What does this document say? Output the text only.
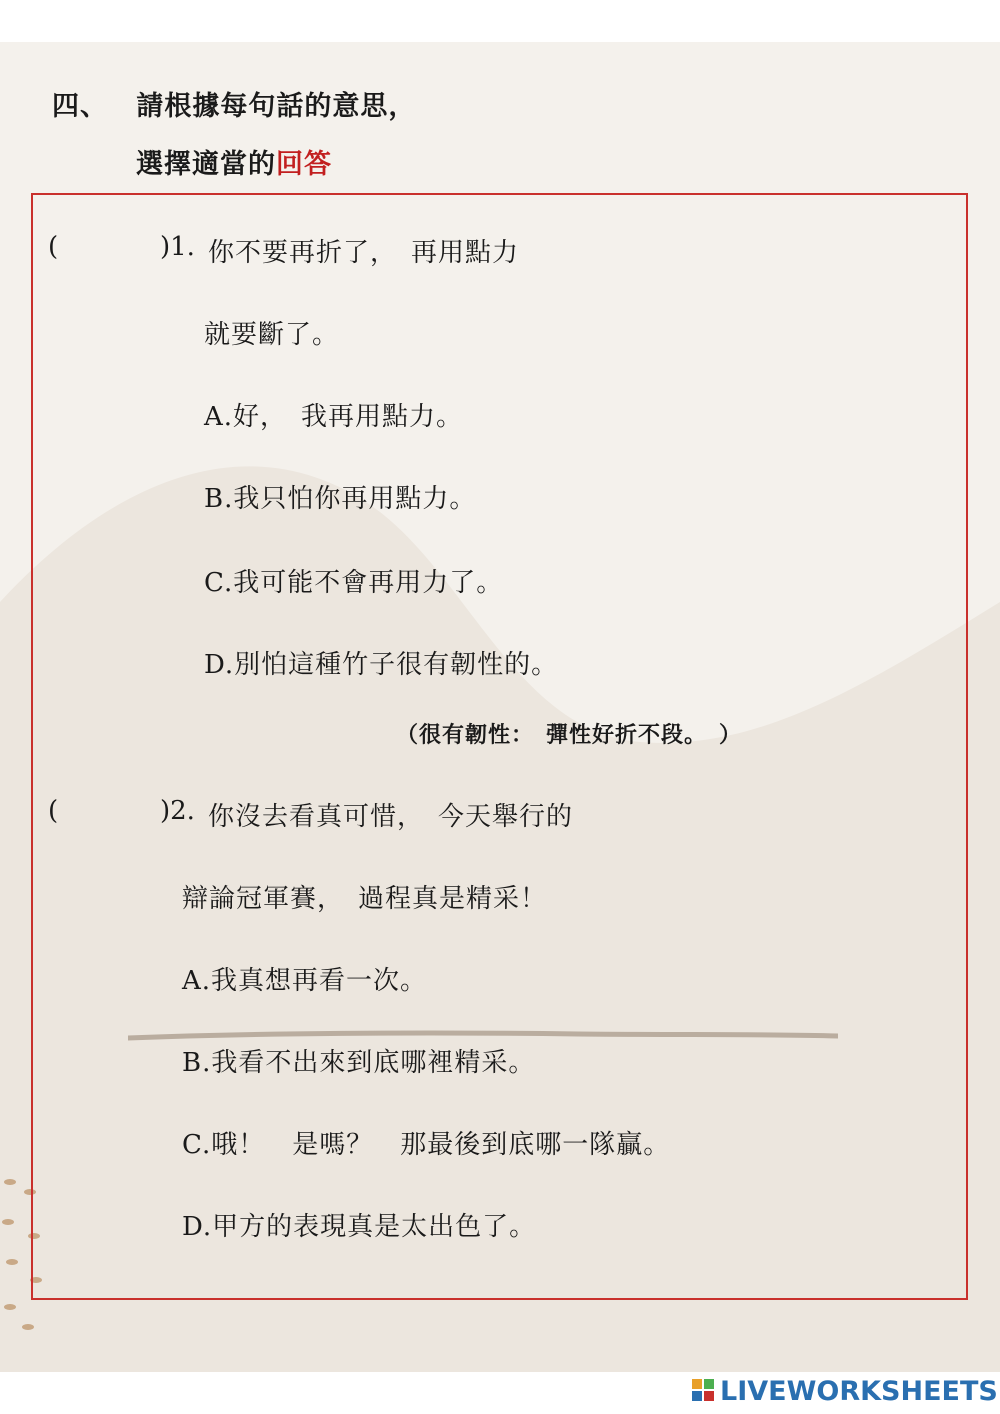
四、 請根據每句話的意思，
選擇適當的回答
(	)1. 你不要再折了，　再用點力
就要斷了。
A.好，　我再用點力。
B.我只怕你再用點力。
C.我可能不會再用力了。
D.別怕這種竹子很有韌性的。
（很有韌性：　彈性好折不段。　）
(	)2. 你沒去看真可惜，　今天舉行的
辯論冠軍賽，　過程真是精采！
A.我真想再看一次。
B.我看不出來到底哪裡精采。
C.哦！　是嗎？　那最後到底哪一隊贏。
D.甲方的表現真是太出色了。
LIVEWORKSHEETS
